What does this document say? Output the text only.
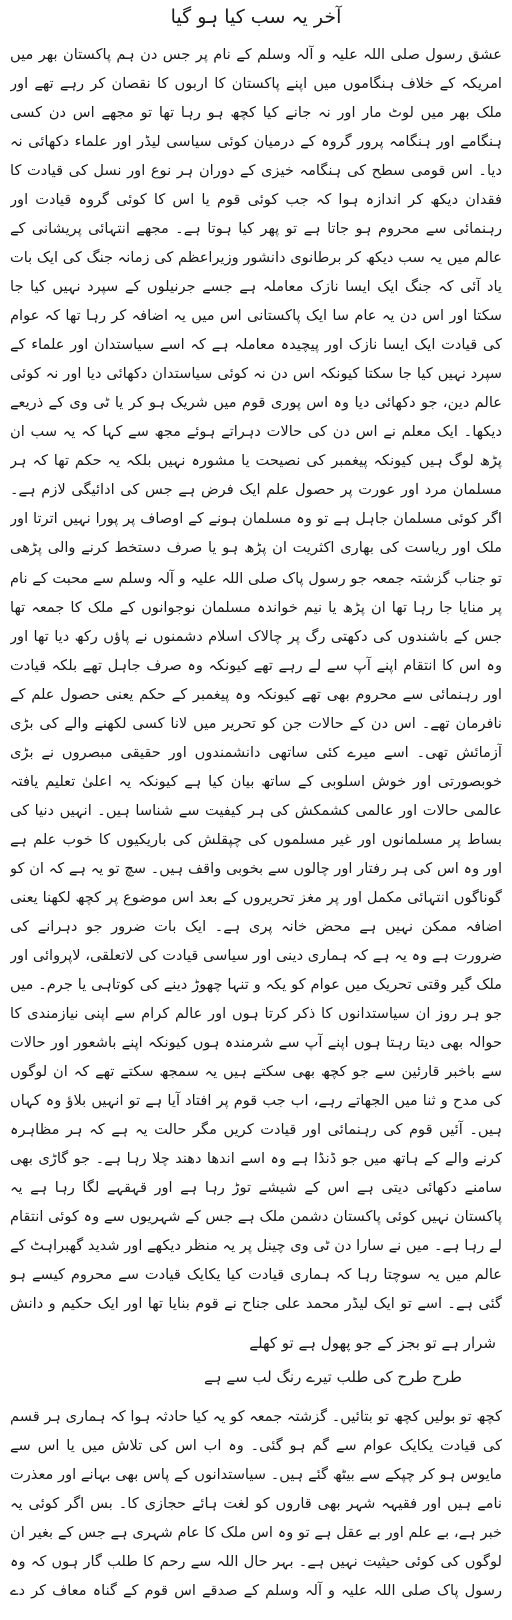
آخر یہ سب کیا ہو گیا

عشق رسول صلی اللہ علیہ و آلہ وسلم کے نام پر جس دن ہم پاکستان بھر میں امریکہ کے خلاف ہنگاموں میں اپنے پاکستان کا اربوں کا نقصان کر رہے تھے اور ملک بھر میں لوٹ مار اور نہ جانے کیا کچھ ہو رہا تھا تو مجھے اس دن کسی ہنگامے اور ہنگامہ پرور گروہ کے درمیان کوئی سیاسی لیڈر اور علماء دکھائی نہ دیا۔ اس قومی سطح کی ہنگامہ خیزی کے دوران ہر نوع اور نسل کی قیادت کا فقدان دیکھ کر اندازہ ہوا کہ جب کوئی قوم یا اس کا کوئی گروہ قیادت اور رہنمائی سے محروم ہو جاتا ہے تو پھر کیا ہوتا ہے۔ مجھے انتہائی پریشانی کے عالم میں یہ سب دیکھ کر برطانوی دانشور وزیراعظم کی زمانہ جنگ کی ایک بات یاد آئی کہ جنگ ایک ایسا نازک معاملہ ہے جسے جرنیلوں کے سپرد نہیں کیا جا سکتا اور اس دن یہ عام سا ایک پاکستانی اس میں یہ اضافہ کر رہا تھا کہ عوام کی قیادت ایک ایسا نازک اور پیچیدہ معاملہ ہے کہ اسے سیاستدان اور علماء کے سپرد نہیں کیا جا سکتا کیونکہ اس دن نہ کوئی سیاستدان دکھائی دیا اور نہ کوئی عالم دین، جو دکھائی دیا وہ اس پوری قوم میں شریک ہو کر یا ٹی وی کے ذریعے دیکھا۔ ایک معلم نے اس دن کی حالات دہراتے ہوئے مجھ سے کہا کہ یہ سب ان پڑھ لوگ ہیں کیونکہ پیغمبر کی نصیحت یا مشورہ نہیں بلکہ یہ حکم تھا کہ ہر مسلمان مرد اور عورت پر حصول علم ایک فرض ہے جس کی ادائیگی لازم ہے۔ اگر کوئی مسلمان جاہل ہے تو وہ مسلمان ہونے کے اوصاف پر پورا نہیں اترتا اور ملک اور ریاست کی بھاری اکثریت ان پڑھ ہو یا صرف دستخط کرنے والی پڑھی

تو جناب گزشتہ جمعہ جو رسول پاک صلی اللہ علیہ و آلہ وسلم سے محبت کے نام پر منایا جا رہا تھا ان پڑھ یا نیم خواندہ مسلمان نوجوانوں کے ملک کا جمعہ تھا جس کے باشندوں کی دکھتی رگ پر چالاک اسلام دشمنوں نے پاؤں رکھ دیا تھا اور وہ اس کا انتقام اپنے آپ سے لے رہے تھے کیونکہ وہ صرف جاہل تھے بلکہ قیادت اور رہنمائی سے محروم بھی تھے کیونکہ وہ پیغمبر کے حکم یعنی حصول علم کے نافرمان تھے۔ اس دن کے حالات جن کو تحریر میں لانا کسی لکھنے والے کی بڑی آزمائش تھی۔ اسے میرے کئی ساتھی دانشمندوں اور حقیقی مبصروں نے بڑی خوبصورتی اور خوش اسلوبی کے ساتھ بیان کیا ہے کیونکہ یہ اعلیٰ تعلیم یافتہ عالمی حالات اور عالمی کشمکش کی ہر کیفیت سے شناسا ہیں۔ انہیں دنیا کی بساط پر مسلمانوں اور غیر مسلموں کی چپقلش کی باریکیوں کا خوب علم ہے اور وہ اس کی ہر رفتار اور چالوں سے بخوبی واقف ہیں۔ سچ تو یہ ہے کہ ان کو گوناگوں انتہائی مکمل اور پر مغز تحریروں کے بعد اس موضوع پر کچھ لکھنا یعنی اضافہ ممکن نہیں ہے محض خانہ پری ہے۔ ایک بات ضرور جو دہرانے کی ضرورت ہے وہ یہ ہے کہ ہماری دینی اور سیاسی قیادت کی لاتعلقی، لاپروائی اور ملک گیر وقتی تحریک میں عوام کو یکہ و تنہا چھوڑ دینے کی کوتاہی یا جرم۔ میں جو ہر روز ان سیاستدانوں کا ذکر کرتا ہوں اور عالم کرام سے اپنی نیازمندی کا حوالہ بھی دیتا رہتا ہوں اپنے آپ سے شرمندہ ہوں کیونکہ اپنے باشعور اور حالات سے باخبر قارئین سے جو کچھ بھی سکتے ہیں یہ سمجھ سکتے تھے کہ ان لوگوں کی مدح و ثنا میں الجھاتے رہے، اب جب قوم پر افتاد آیا ہے تو انہیں بلاؤ وہ کہاں ہیں۔ آئیں قوم کی رہنمائی اور قیادت کریں مگر حالت یہ ہے کہ ہر مظاہرہ کرنے والے کے ہاتھ میں جو ڈنڈا ہے وہ اسے اندھا دھند چلا رہا ہے۔ جو گاڑی بھی سامنے دکھائی دیتی ہے اس کے شیشے توڑ رہا ہے اور قہقہے لگا رہا ہے یہ پاکستان نہیں کوئی پاکستان دشمن ملک ہے جس کے شہریوں سے وہ کوئی انتقام لے رہا ہے۔ میں نے سارا دن ٹی وی چینل پر یہ منظر دیکھے اور شدید گھبراہٹ کے عالم میں یہ سوچتا رہا کہ ہماری قیادت کیا یکایک قیادت سے محروم کیسے ہو گئی ہے۔ اسے تو ایک لیڈر محمد علی جناح نے قوم بنایا تھا اور ایک حکیم و دانش

شرار ہے تو بجز کے جو پھول ہے تو کھلے
طرح طرح کی طلب تیرے رنگ لب سے ہے

کچھ تو بولیں کچھ تو بتائیں۔ گزشتہ جمعہ کو یہ کیا حادثہ ہوا کہ ہماری ہر قسم کی قیادت یکایک عوام سے گم ہو گئی۔ وہ اب اس کی تلاش میں یا اس سے مایوس ہو کر چپکے سے بیٹھ گئے ہیں۔ سیاستدانوں کے پاس بھی بہانے اور معذرت نامے ہیں اور فقیہہ شہر بھی قاروں کو لغت ہائے حجازی کا۔ بس اگر کوئی یہ خبر ہے، بے علم اور بے عقل ہے تو وہ اس ملک کا عام شہری ہے جس کے بغیر ان لوگوں کی کوئی حیثیت نہیں ہے۔ بہر حال اللہ سے رحم کا طلب گار ہوں کہ وہ رسول پاک صلی اللہ علیہ و آلہ وسلم کے صدقے اس قوم کے گناہ معاف کر دے
